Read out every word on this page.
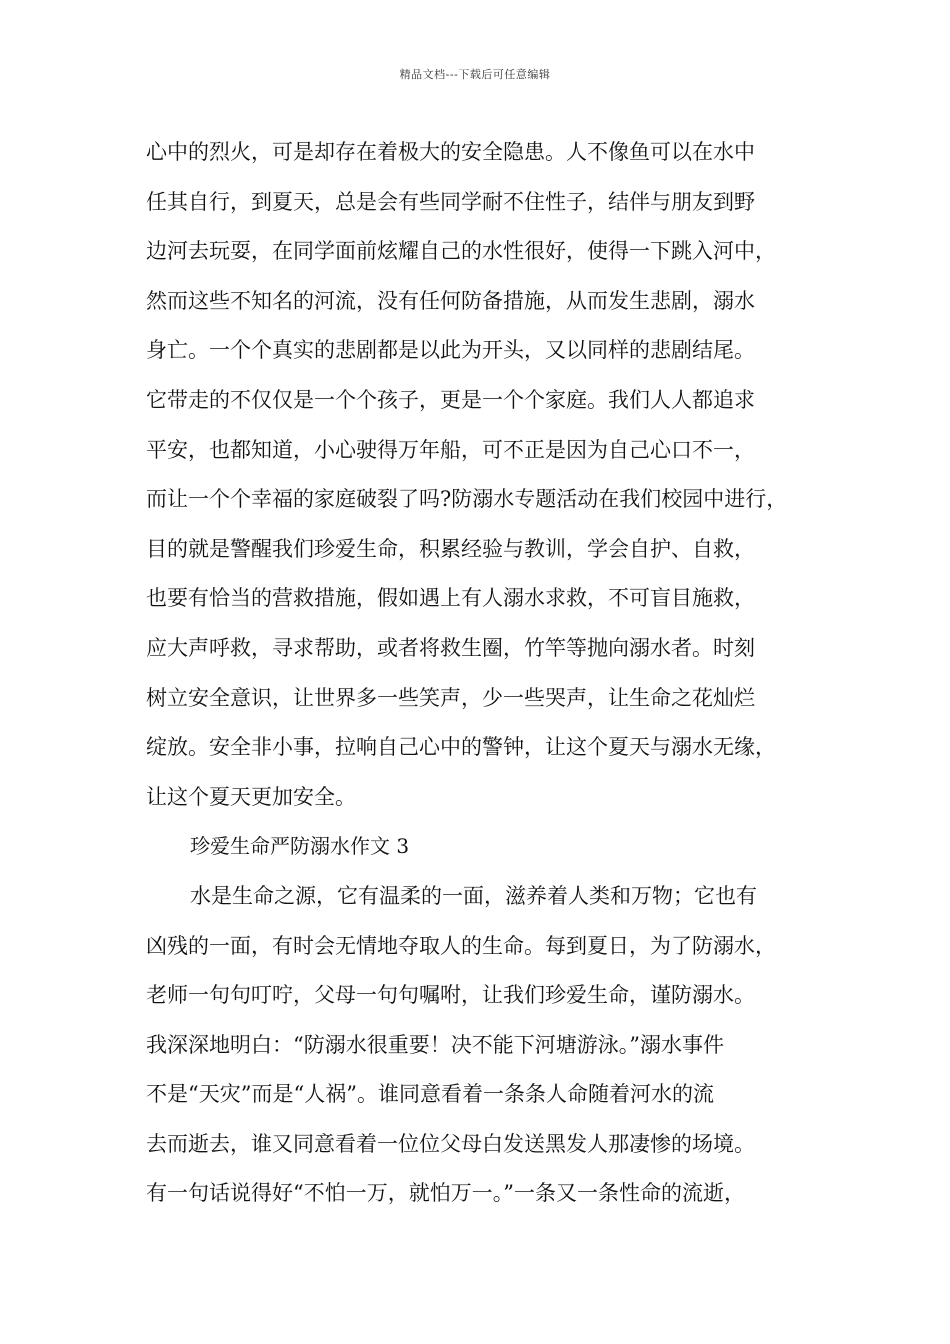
精品文档---下载后可任意编辑
心中的烈火，可是却存在着极大的安全隐患。人不像鱼可以在水中
任其自行，到夏天，总是会有些同学耐不住性子，结伴与朋友到野
边河去玩耍，在同学面前炫耀自己的水性很好，使得一下跳入河中，
然而这些不知名的河流，没有任何防备措施，从而发生悲剧，溺水
身亡。一个个真实的悲剧都是以此为开头，又以同样的悲剧结尾。
它带走的不仅仅是一个个孩子，更是一个个家庭。我们人人都追求
平安，也都知道，小心驶得万年船，可不正是因为自己心口不一，
而让一个个幸福的家庭破裂了吗?防溺水专题活动在我们校园中进行，
目的就是警醒我们珍爱生命，积累经验与教训，学会自护、自救，
也要有恰当的营救措施，假如遇上有人溺水求救，不可盲目施救，
应大声呼救，寻求帮助，或者将救生圈，竹竿等抛向溺水者。时刻
树立安全意识，让世界多一些笑声，少一些哭声，让生命之花灿烂
绽放。安全非小事，拉响自己心中的警钟，让这个夏天与溺水无缘，
让这个夏天更加安全。
珍爱生命严防溺水作文 3
水是生命之源，它有温柔的一面，滋养着人类和万物；它也有
凶残的一面，有时会无情地夺取人的生命。每到夏日，为了防溺水，
老师一句句叮咛，父母一句句嘱咐，让我们珍爱生命，谨防溺水。
我深深地明白：“防溺水很重要！决不能下河塘游泳。”溺水事件
不是“天灾”而是“人祸”。谁同意看着一条条人命随着河水的流
去而逝去，谁又同意看着一位位父母白发送黑发人那凄惨的场境。
有一句话说得好“不怕一万，就怕万一。”一条又一条性命的流逝，
